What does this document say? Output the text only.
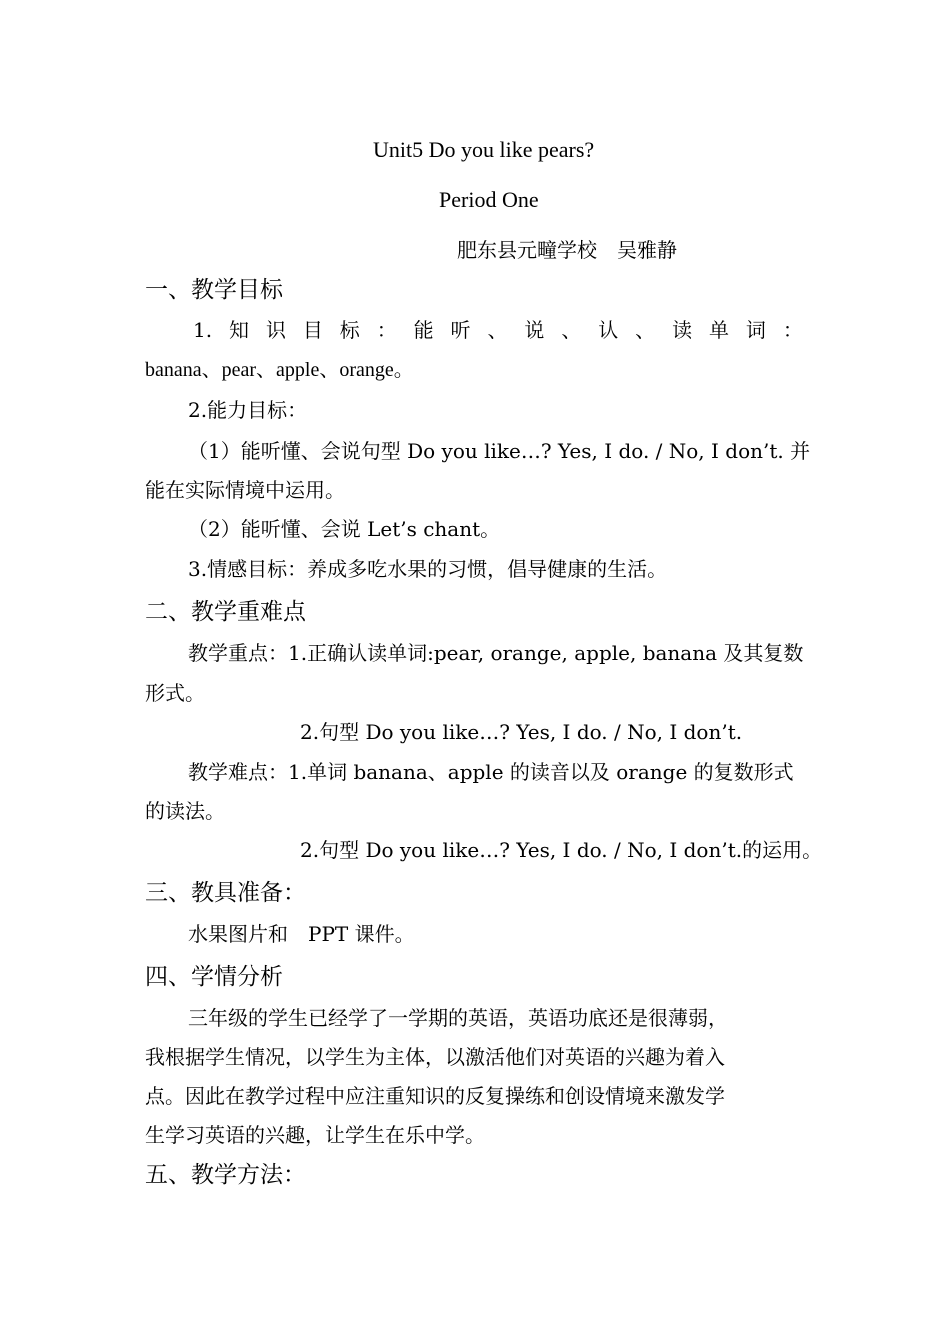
Unit5 Do you like pears?
Period One
肥东县元疃学校　吴雅静
一、教学目标
1. 知 识 目 标 ： 能 听 、 说 、 认 、 读 单 词 ：
banana、pear、apple、orange。
2.能力目标：
（1）能听懂、会说句型 Do you like…? Yes, I do. / No, I don’t. 并
能在实际情境中运用。
（2）能听懂、会说 Let’s chant。
3.情感目标：养成多吃水果的习惯，倡导健康的生活。
二、教学重难点
教学重点：1.正确认读单词:pear, orange, apple, banana 及其复数
形式。
2.句型 Do you like…? Yes, I do. / No, I don’t.
教学难点：1.单词 banana、apple 的读音以及 orange 的复数形式
的读法。
2.句型 Do you like…? Yes, I do. / No, I don’t.的运用。
三、教具准备：
水果图片和　PPT 课件。
四、学情分析
三年级的学生已经学了一学期的英语，英语功底还是很薄弱，
我根据学生情况，以学生为主体，以激活他们对英语的兴趣为着入
点。因此在教学过程中应注重知识的反复操练和创设情境来激发学
生学习英语的兴趣，让学生在乐中学。
五、教学方法：
